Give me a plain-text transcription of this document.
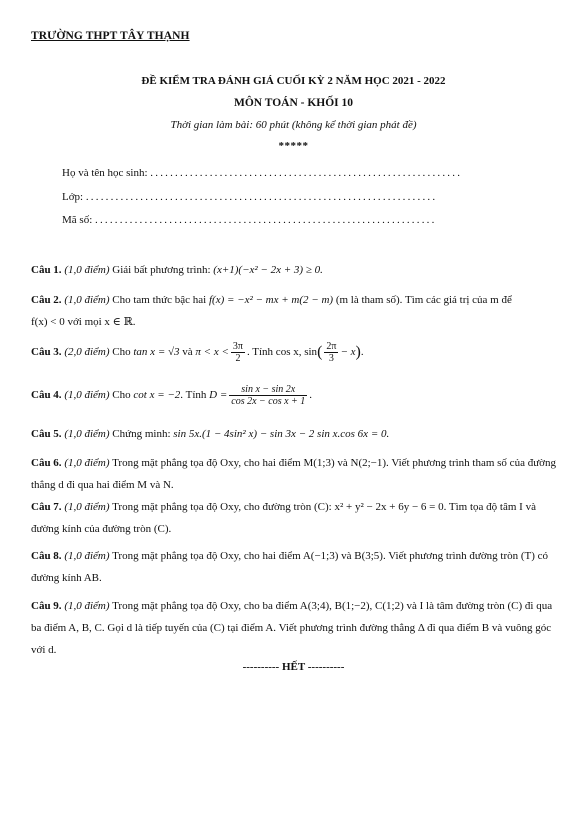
TRƯỜNG THPT TÂY THẠNH
ĐỀ KIỂM TRA ĐÁNH GIÁ CUỐI KỲ 2 NĂM HỌC 2021 - 2022
MÔN TOÁN - KHỐI 10
Thời gian làm bài: 60 phút (không kể thời gian phát đề)
*****
Họ và tên học sinh: ...............................................................
Lớp: .......................................................................
Mã số: .....................................................................
Câu 1. (1,0 điểm) Giải bất phương trình: (x+1)(−x² − 2x + 3) ≥ 0.
Câu 2. (1,0 điểm) Cho tam thức bậc hai f(x) = −x² − mx + m(2 − m) (m là tham số). Tìm các giá trị của m để
f(x) < 0 với mọi x ∈ ℝ.
Câu 3. (2,0 điểm) Cho tan x = √3 và $\pi < x < \frac{3\pi}{2}$ . Tính cos x, $\sin( \frac{2\pi}{3} - x)$.
Câu 4. (1,0 điểm) Cho cot x = −2. Tính $D = \frac{\text{sin x − sin 2x}}{\text{cos 2x − cos x + 1}}$ .
Câu 5. (1,0 điểm) Chứng minh: sin 5x.(1 − 4sin² x) − sin 3x − 2 sin x.cos 6x = 0.
Câu 6. (1,0 điểm) Trong mặt phẳng tọa độ Oxy, cho hai điểm M(1;3) và N(2;−1). Viết phương trình tham số của đường thẳng d đi qua hai điểm M và N.
Câu 7. (1,0 điểm) Trong mặt phẳng tọa độ Oxy, cho đường tròn (C): x² + y² − 2x + 6y − 6 = 0. Tìm tọa độ tâm I và đường kính của đường tròn (C).
Câu 8. (1,0 điểm) Trong mặt phẳng tọa độ Oxy, cho hai điểm A(−1;3) và B(3;5). Viết phương trình đường tròn (T) có đường kính AB.
Câu 9. (1,0 điểm) Trong mặt phẳng tọa độ Oxy, cho ba điểm A(3;4), B(1;−2), C(1;2) và I là tâm đường tròn (C) đi qua ba điểm A, B, C. Gọi d là tiếp tuyến của (C) tại điểm A. Viết phương trình đường thẳng Δ đi qua điểm B và vuông góc với d.
---------- HẾT ----------
